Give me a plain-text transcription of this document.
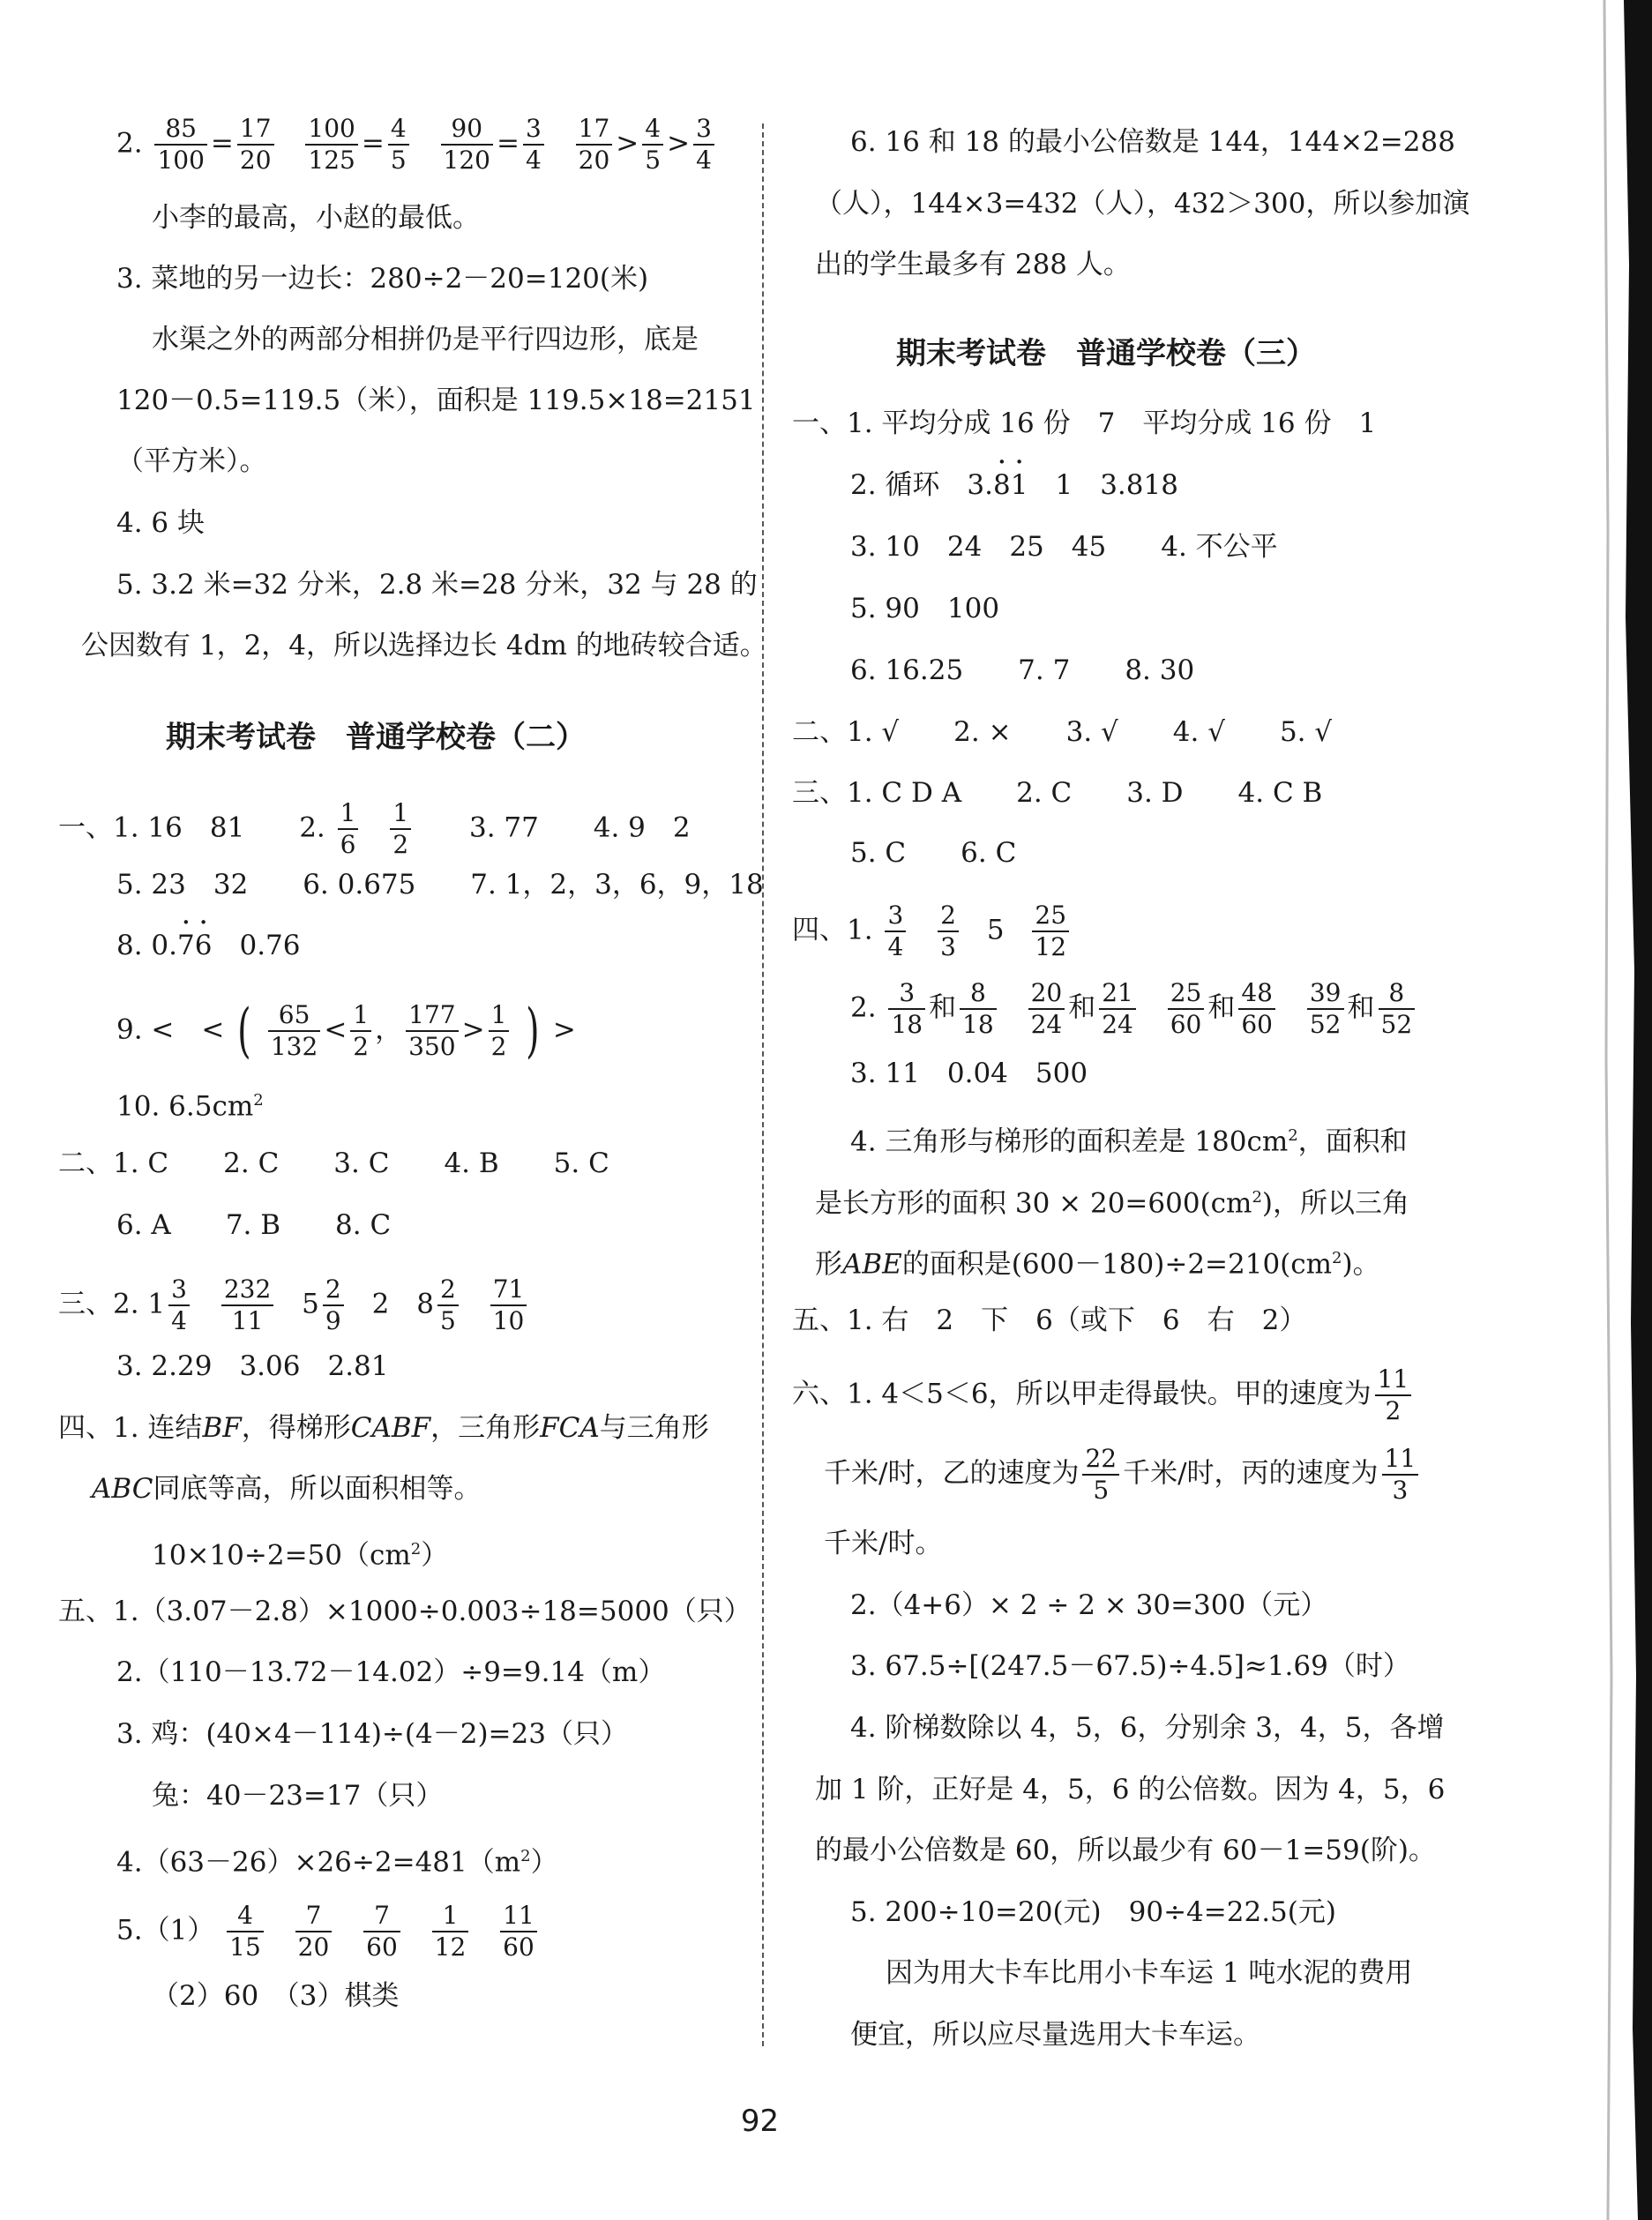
2. $\frac{85}{100} = \frac{17}{20}$
$\frac{100}{125} = \frac{4}{5}$
$\frac{90}{120} = \frac{3}{4}$
$\frac{17}{20} > \frac{4}{5} > \frac{3}{4}$
小李的最高，小赵的最低。
3. 菜地的另一边长：280÷2－20=120(米)
水渠之外的两部分相拼仍是平行四边形，底是
120－0.5=119.5（米），面积是 119.5×18=2151
（平方米）。
4. 6 块
5. 3.2 米=32 分米，2.8 米=28 分米，32 与 28 的
公因数有 1，2，4，所以选择边长 4dm 的地砖较合适。
期末考试卷　普通学校卷（二）
一、1. 16　81 2. $\frac{1}{6}$
$\frac{1}{2} 3$. 77 4. 9　2
5. 23　32 6. 0.675 7. 1，2，3，6，9，18
8. 0.· 7· 6　0.76
9. <　< ( $\frac{65}{132} < \frac{1}{2}$ ， $\frac{177}{350} > \frac{1}{2}$ ) >
10. $6.5cm^2$
二、1. C　　2. C　　3. C　　4. B　　5. C
6. A　　7. B　　8. C
三、2. $1 \frac{3}{4}$
$\frac{232}{11} 5 \frac{2}{9} 2$　$8 \frac{2}{5}$
$\frac{71}{10}$
3. 2.29　3.06　2.81
四、1. 连结BF，得梯形CABF，三角形FCA与三角形
ABC同底等高，所以面积相等。
$10\times 10\div 2=50(cm^2)$
五、1.（3.07－2.8）×1000÷0.003÷18=5000（只）
2.（110－13.72－14.02）÷9=9.14（m）
3. 鸡：(40×4－114)÷(4－2)=23（只）
兔：40－23=17（只）
$4.(63-26)\times 26\div 2=481(m^2)$
$5.(1) \frac{4}{15}$
$\frac{7}{20}$
$\frac{7}{60}$
$\frac{1}{12}$
$\frac{11}{60}$
（2）60　（3）棋类
6. 16 和 18 的最小公倍数是 144，144×2=288
（人），144×3=432（人），432＞300，所以参加演
出的学生最多有 288 人。
期末考试卷　普通学校卷（三）
一、1. 平均分成 16 份　7　平均分成 16 份　1
2. 循环　3.· 8· 1　1　3.818
3. 10　24　25　45　　4. 不公平
5. 90　100
6. 16.25　　7. 7　　8. 30
二、1. √　　2. ×　　3. √　　4. √　　5. √
三、1. C D A　　2. C　　3. D　　4. C B
5. C　　6. C
四、1. $\frac{3}{4}$
$\frac{2}{3} 5 \frac{25}{12}$
2. $\frac{3}{18}$ 和 $\frac{8}{18}$
$\frac{20}{24}$ 和 $\frac{21}{24}$
$\frac{25}{60}$ 和 $\frac{48}{60}$
$\frac{39}{52}$ 和 $\frac{8}{52}$
3. 11　0.04　500
4. 三角形与梯形的面积差是 $180cm^2$，面积和
是长方形的面积 $30 \times 20=600(cm^2)$，所以三角
形ABE的面积是$(600-180)\div 2=210(cm^2)$。
五、1. 右　2　下　6（或下　6　右　2）
六、1. 4＜5＜6，所以甲走得最快。甲的速度为 $\frac{11}{2}$
千米/时，乙的速度为 $\frac{22}{5}$ 千米/时，丙的速度为 $\frac{11}{3}$
千米/时。
2.（4+6）× 2 ÷ 2 × 30=300（元）
3. 67.5÷[(247.5－67.5)÷4.5]≈1.69（时）
4. 阶梯数除以 4，5，6，分别余 3，4，5，各增
加 1 阶，正好是 4，5，6 的公倍数。因为 4，5，6
的最小公倍数是 60，所以最少有 60－1=59(阶)。
5. 200÷10=20(元)　90÷4=22.5(元)
因为用大卡车比用小卡车运 1 吨水泥的费用
便宜，所以应尽量选用大卡车运。
92
